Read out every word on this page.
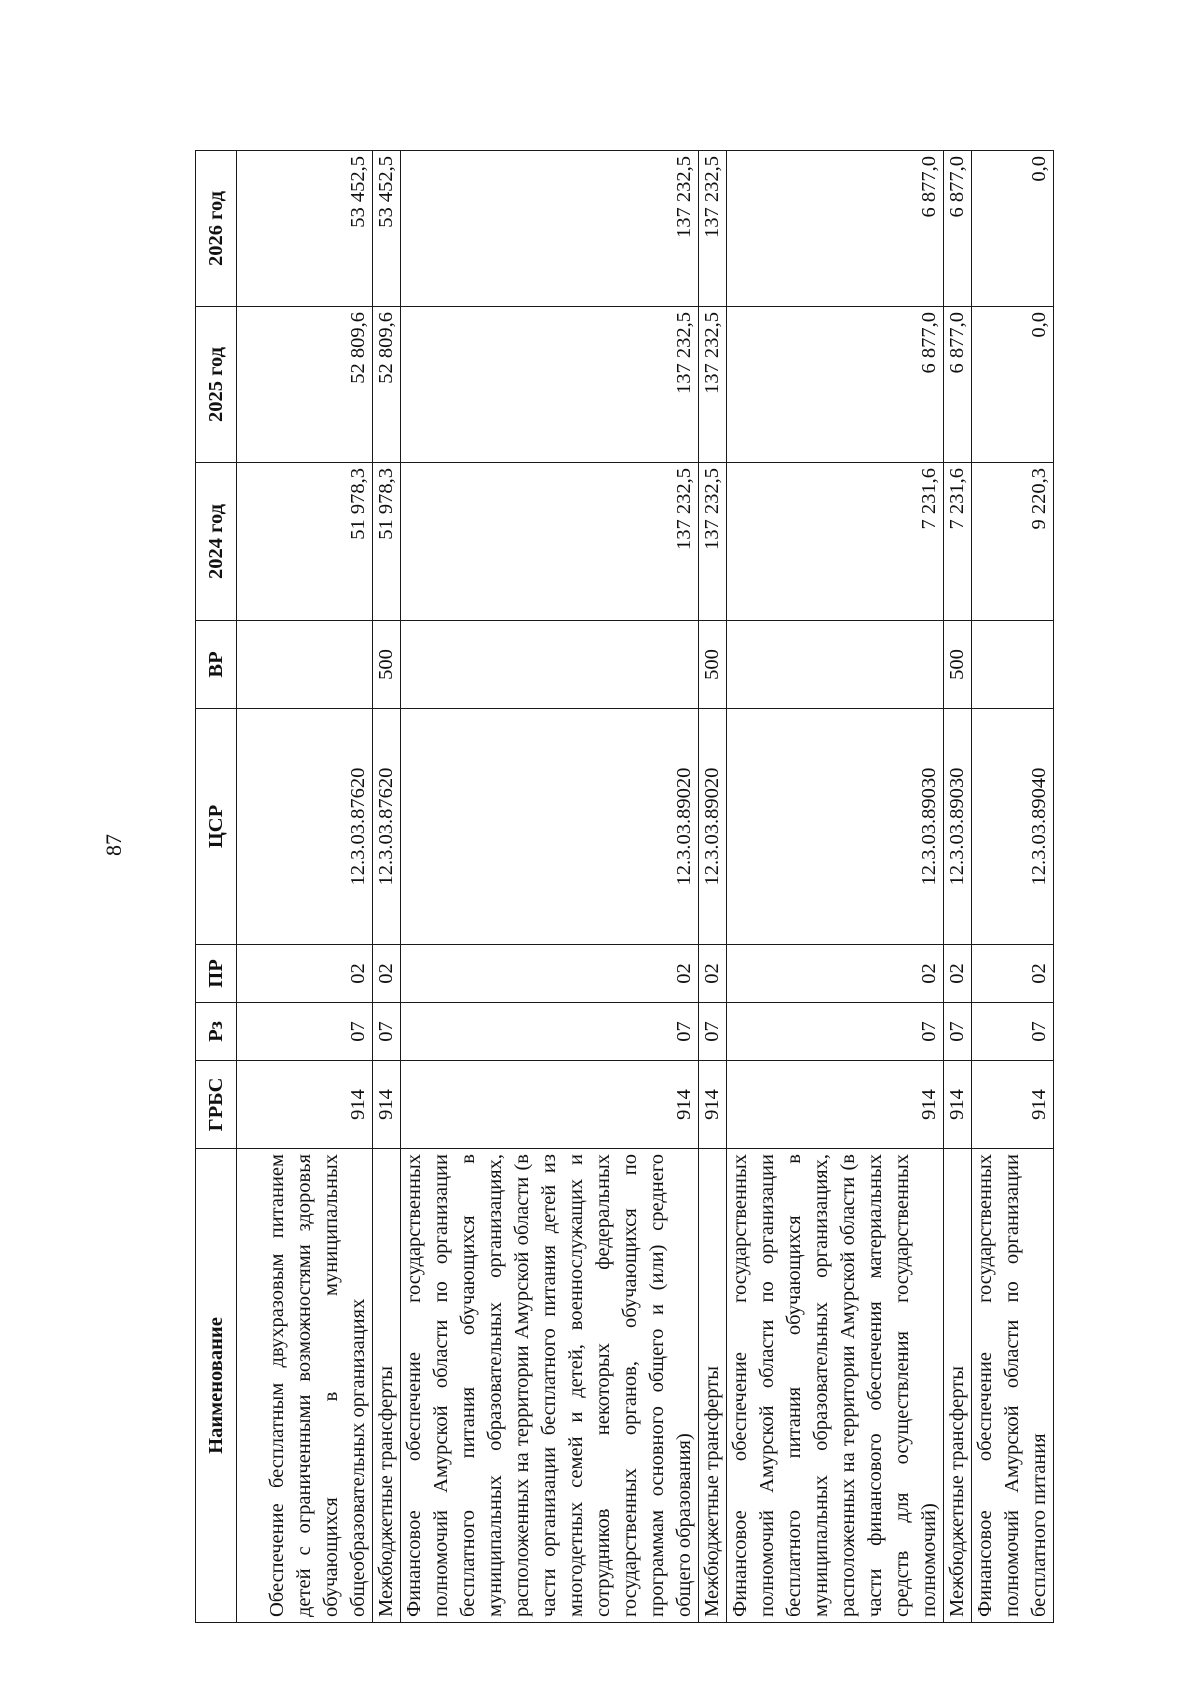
87
Наименование	ГРБС	Рз	ПР	ЦСР	ВР	2024 год	2025 год	2026 год
Обеспечение бесплатным двухразовым питанием детей с ограниченными возможностями здоровья обучающихся в муниципальных общеобразовательных организациях	914	07	02	12.3.03.87620		51 978,3	52 809,6	53 452,5
Межбюджетные трансферты	914	07	02	12.3.03.87620	500	51 978,3	52 809,6	53 452,5
Финансовое обеспечение государственных полномочий Амурской области по организации бесплатного питания обучающихся в муниципальных образовательных организациях, расположенных на территории Амурской области (в части организации бесплатного питания детей из многодетных семей и детей, военнослужащих и сотрудников некоторых федеральных государственных органов, обучающихся по программам основного общего и (или) среднего общего образования)	914	07	02	12.3.03.89020		137 232,5	137 232,5	137 232,5
Межбюджетные трансферты	914	07	02	12.3.03.89020	500	137 232,5	137 232,5	137 232,5
Финансовое обеспечение государственных полномочий Амурской области по организации бесплатного питания обучающихся в муниципальных образовательных организациях, расположенных на территории Амурской области (в части финансового обеспечения материальных средств для осуществления государственных полномочий)	914	07	02	12.3.03.89030		7 231,6	6 877,0	6 877,0
Межбюджетные трансферты	914	07	02	12.3.03.89030	500	7 231,6	6 877,0	6 877,0
Финансовое обеспечение государственных полномочий Амурской области по организации бесплатного питания	914	07	02	12.3.03.89040		9 220,3	0,0	0,0
